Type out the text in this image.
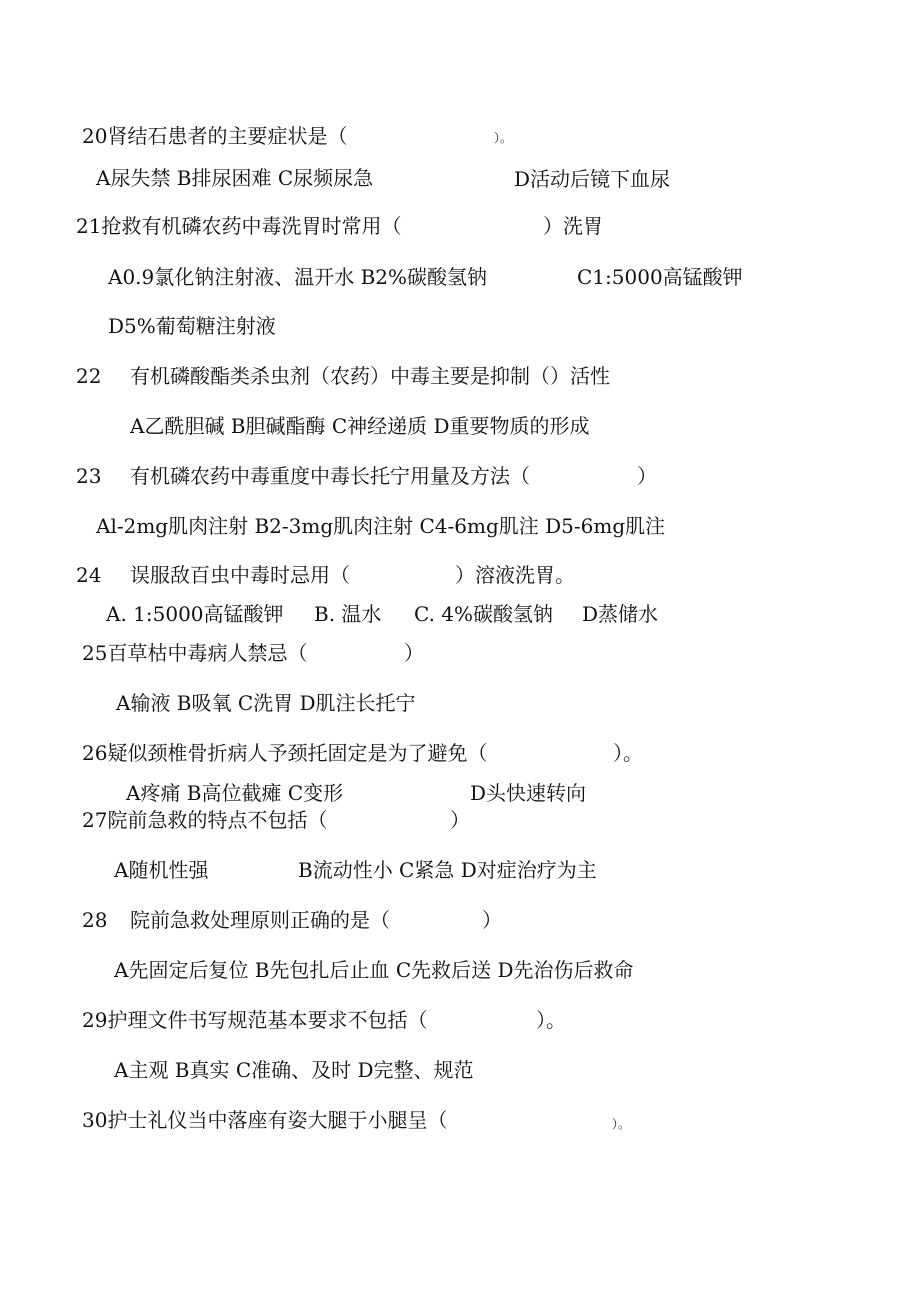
20肾结石患者的主要症状是（	）。
A尿失禁 B排尿困难 C尿频尿急	D活动后镜下血尿
21抢救有机磷农药中毒洗胃时常用（	）洗胃
A0.9氯化钠注射液、温开水 B2%碳酸氢钠	C1:5000高锰酸钾
D5%葡萄糖注射液
22 有机磷酸酯类杀虫剂（农药）中毒主要是抑制（）活性
A乙酰胆碱 B胆碱酯酶 C神经递质 D重要物质的形成
23 有机磷农药中毒重度中毒长托宁用量及方法（	）
Al-2mg肌肉注射 B2-3mg肌肉注射 C4-6mg肌注 D5-6mg肌注
24 误服敌百虫中毒时忌用（	）溶液洗胃。
A. 1:5000高锰酸钾 B. 温水 C. 4%碳酸氢钠 D蒸储水
25百草枯中毒病人禁忌（	）
A输液 B吸氧 C洗胃 D肌注长托宁
26疑似颈椎骨折病人予颈托固定是为了避免（	）。
A疼痛 B高位截瘫 C变形	D头快速转向
27院前急救的特点不包括（	）
A随机性强	B流动性小 C紧急 D对症治疗为主
28 院前急救处理原则正确的是（	）
A先固定后复位 B先包扎后止血 C先救后送 D先治伤后救命
29护理文件书写规范基本要求不包括（	）。
A主观 B真实 C准确、及时 D完整、规范
30护士礼仪当中落座有姿大腿于小腿呈（	）。
